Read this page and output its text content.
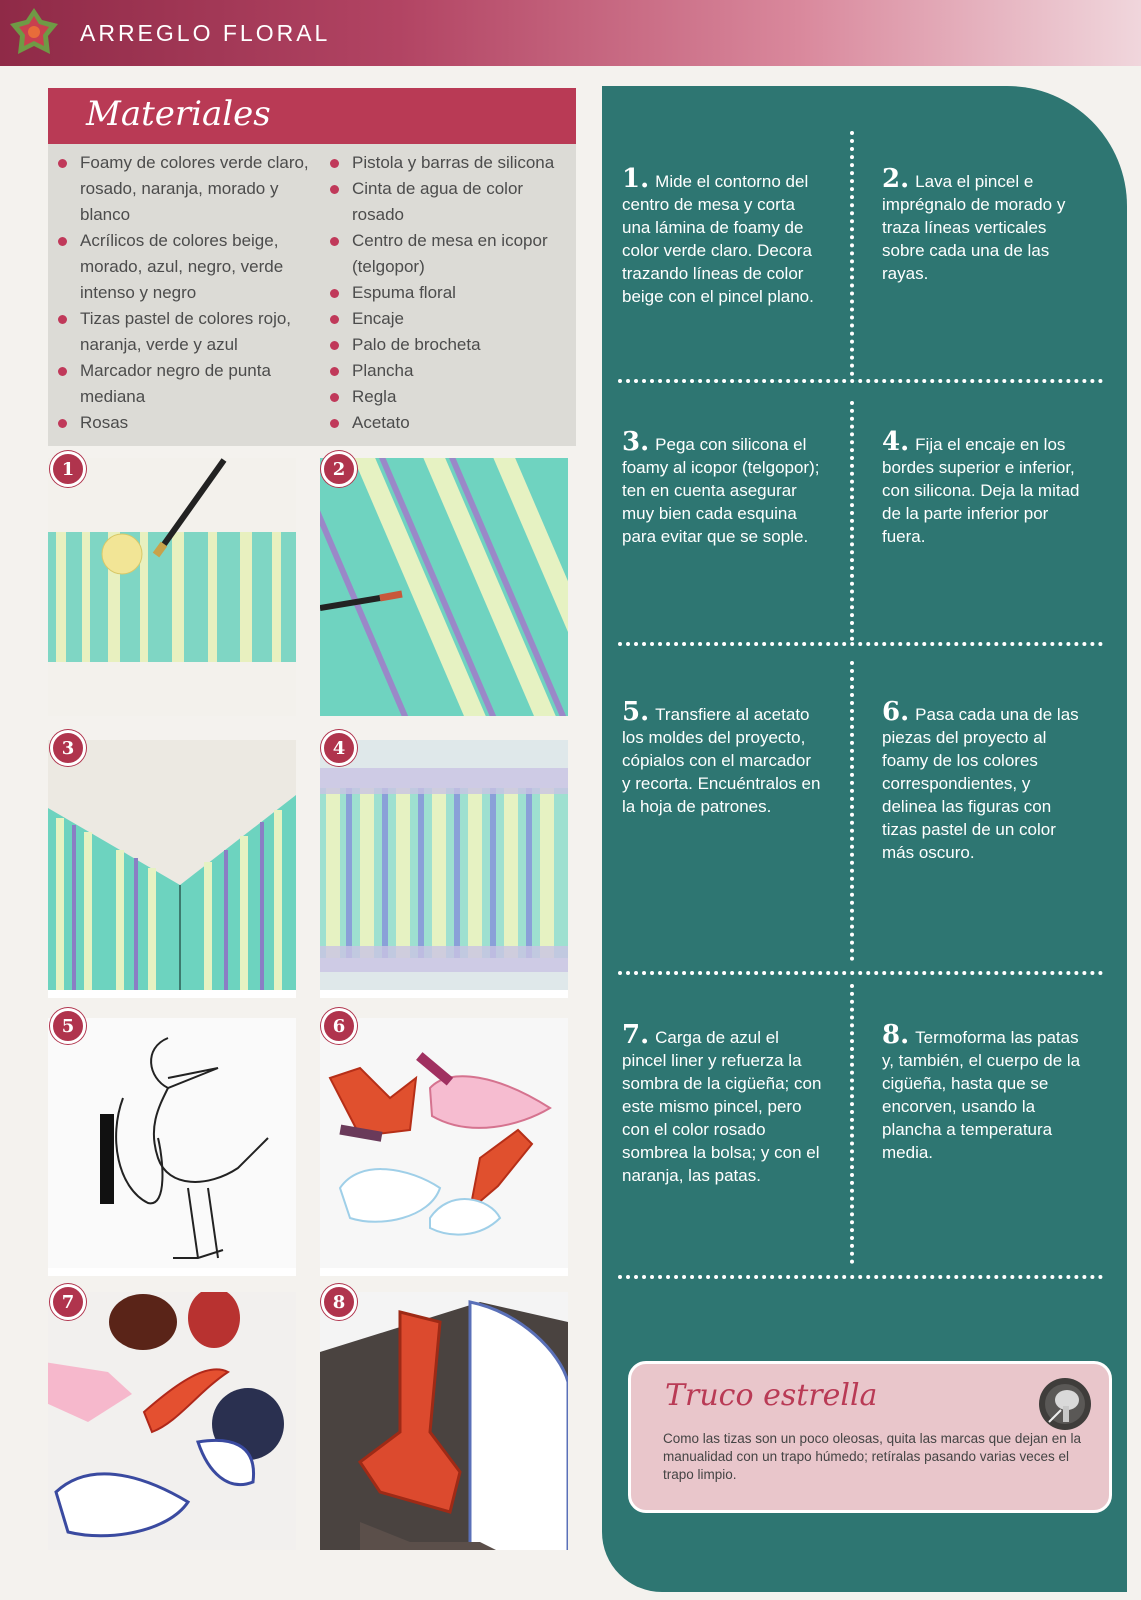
ARREGLO FLORAL
Materiales
Foamy de colores verde claro, rosado, naranja, morado y blanco
Acrílicos de colores beige, morado, azul, negro, verde intenso y negro
Tizas pastel de colores rojo, naranja, verde y azul
Marcador negro de punta mediana
Rosas
Pistola y barras de silicona
Cinta de agua de color rosado
Centro de mesa en icopor (telgopor)
Espuma floral
Encaje
Palo de brocheta
Plancha
Regla
Acetato
1	2
3	4
5	6
7	8
1. Mide el contorno del centro de mesa y corta una lámina de foamy de color verde claro. Decora trazando líneas de color beige con el pincel plano.
2. Lava el pincel e imprégnalo de morado y traza líneas verticales sobre cada una de las rayas.
3. Pega con silicona el foamy al icopor (telgopor); ten en cuenta asegurar muy bien cada esquina para evitar que se sople.
4. Fija el encaje en los bordes superior e inferior, con silicona. Deja la mitad de la parte inferior por fuera.
5. Transfiere al acetato los moldes del proyecto, cópialos con el marcador y recorta. Encuéntralos en la hoja de patrones.
6. Pasa cada una de las piezas del proyecto al foamy de los colores correspondientes, y delinea las figuras con tizas pastel de un color más oscuro.
7. Carga de azul el pincel liner y refuerza la sombra de la cigüeña; con este mismo pincel, pero con el color rosado sombrea la bolsa; y con el naranja, las patas.
8. Termoforma las patas y, también, el cuerpo de la cigüeña, hasta que se encorven, usando la plancha a temperatura media.
Truco estrella
Como las tizas son un poco oleosas, quita las marcas que dejan en la manualidad con un trapo húmedo; retíralas pasando varias veces el trapo limpio.
